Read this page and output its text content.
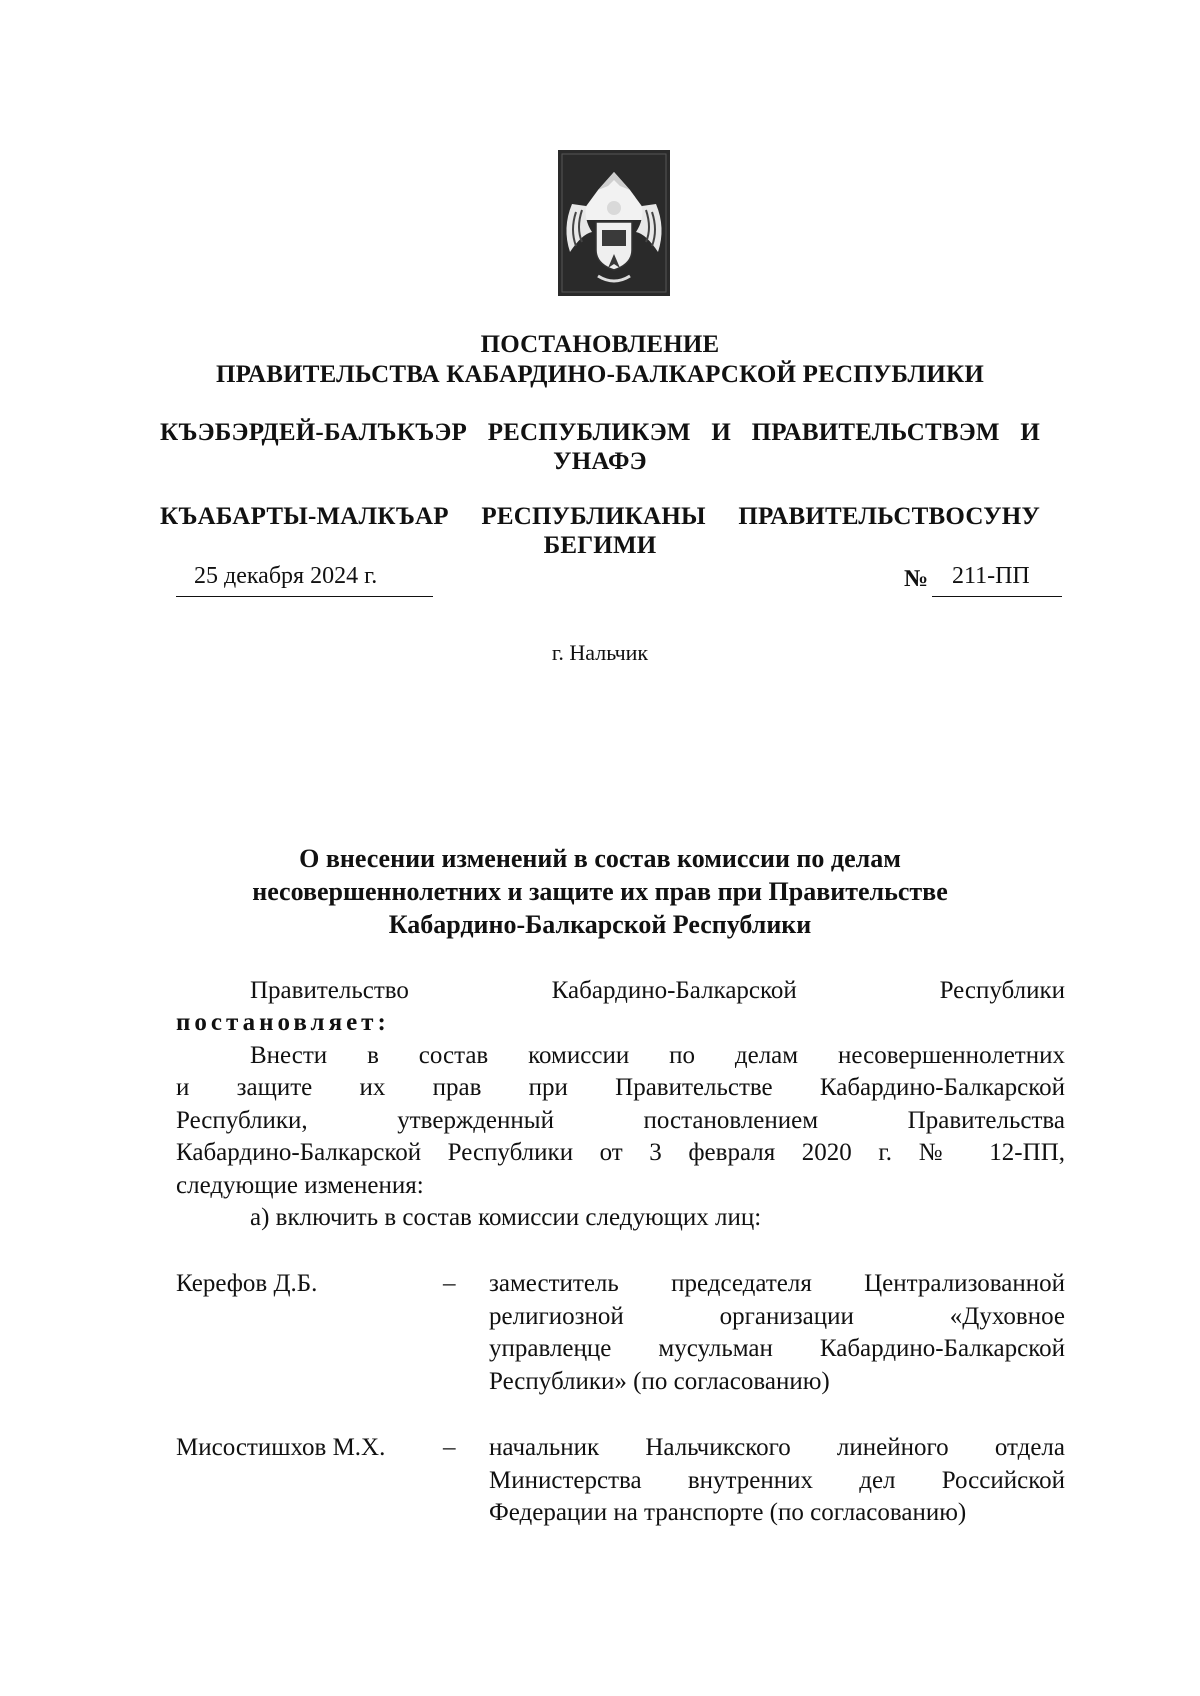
ПОСТАНОВЛЕНИЕ
ПРАВИТЕЛЬСТВА КАБАРДИНО-БАЛКАРСКОЙ РЕСПУБЛИКИ
КЪЭБЭРДЕЙ-БАЛЪКЪЭР РЕСПУБЛИКЭМ И ПРАВИТЕЛЬСТВЭМ И
УНАФЭ
КЪАБАРТЫ-МАЛКЪАР РЕСПУБЛИКАНЫ ПРАВИТЕЛЬСТВОСУНУ
БЕГИМИ
25 декабря 2024 г.	№ 211-ПП
г. Нальчик
О внесении изменений в состав комиссии по делам
несовершеннолетних и защите их прав при Правительстве
Кабардино-Балкарской Республики
Правительство Кабардино-Балкарской Республики
постановляет:
Внести в состав комиссии по делам несовершеннолетних
и защите их прав при Правительстве Кабардино-Балкарской
Республики, утвержденный постановлением Правительства
Кабардино-Балкарской Республики от 3 февраля 2020 г. № 12-ПП,
следующие изменения:
а) включить в состав комиссии следующих лиц:
Керефов Д.Б.	– заместитель председателя Централизованной
религиозной организации «Духовное
управлеңце мусульман Кабардино-Балкарской
Республики» (по согласованию)
Мисостишхов М.Х. – начальник Нальчикского линейного отдела
Министерства внутренних дел Российской
Федерации на транспорте (по согласованию)
